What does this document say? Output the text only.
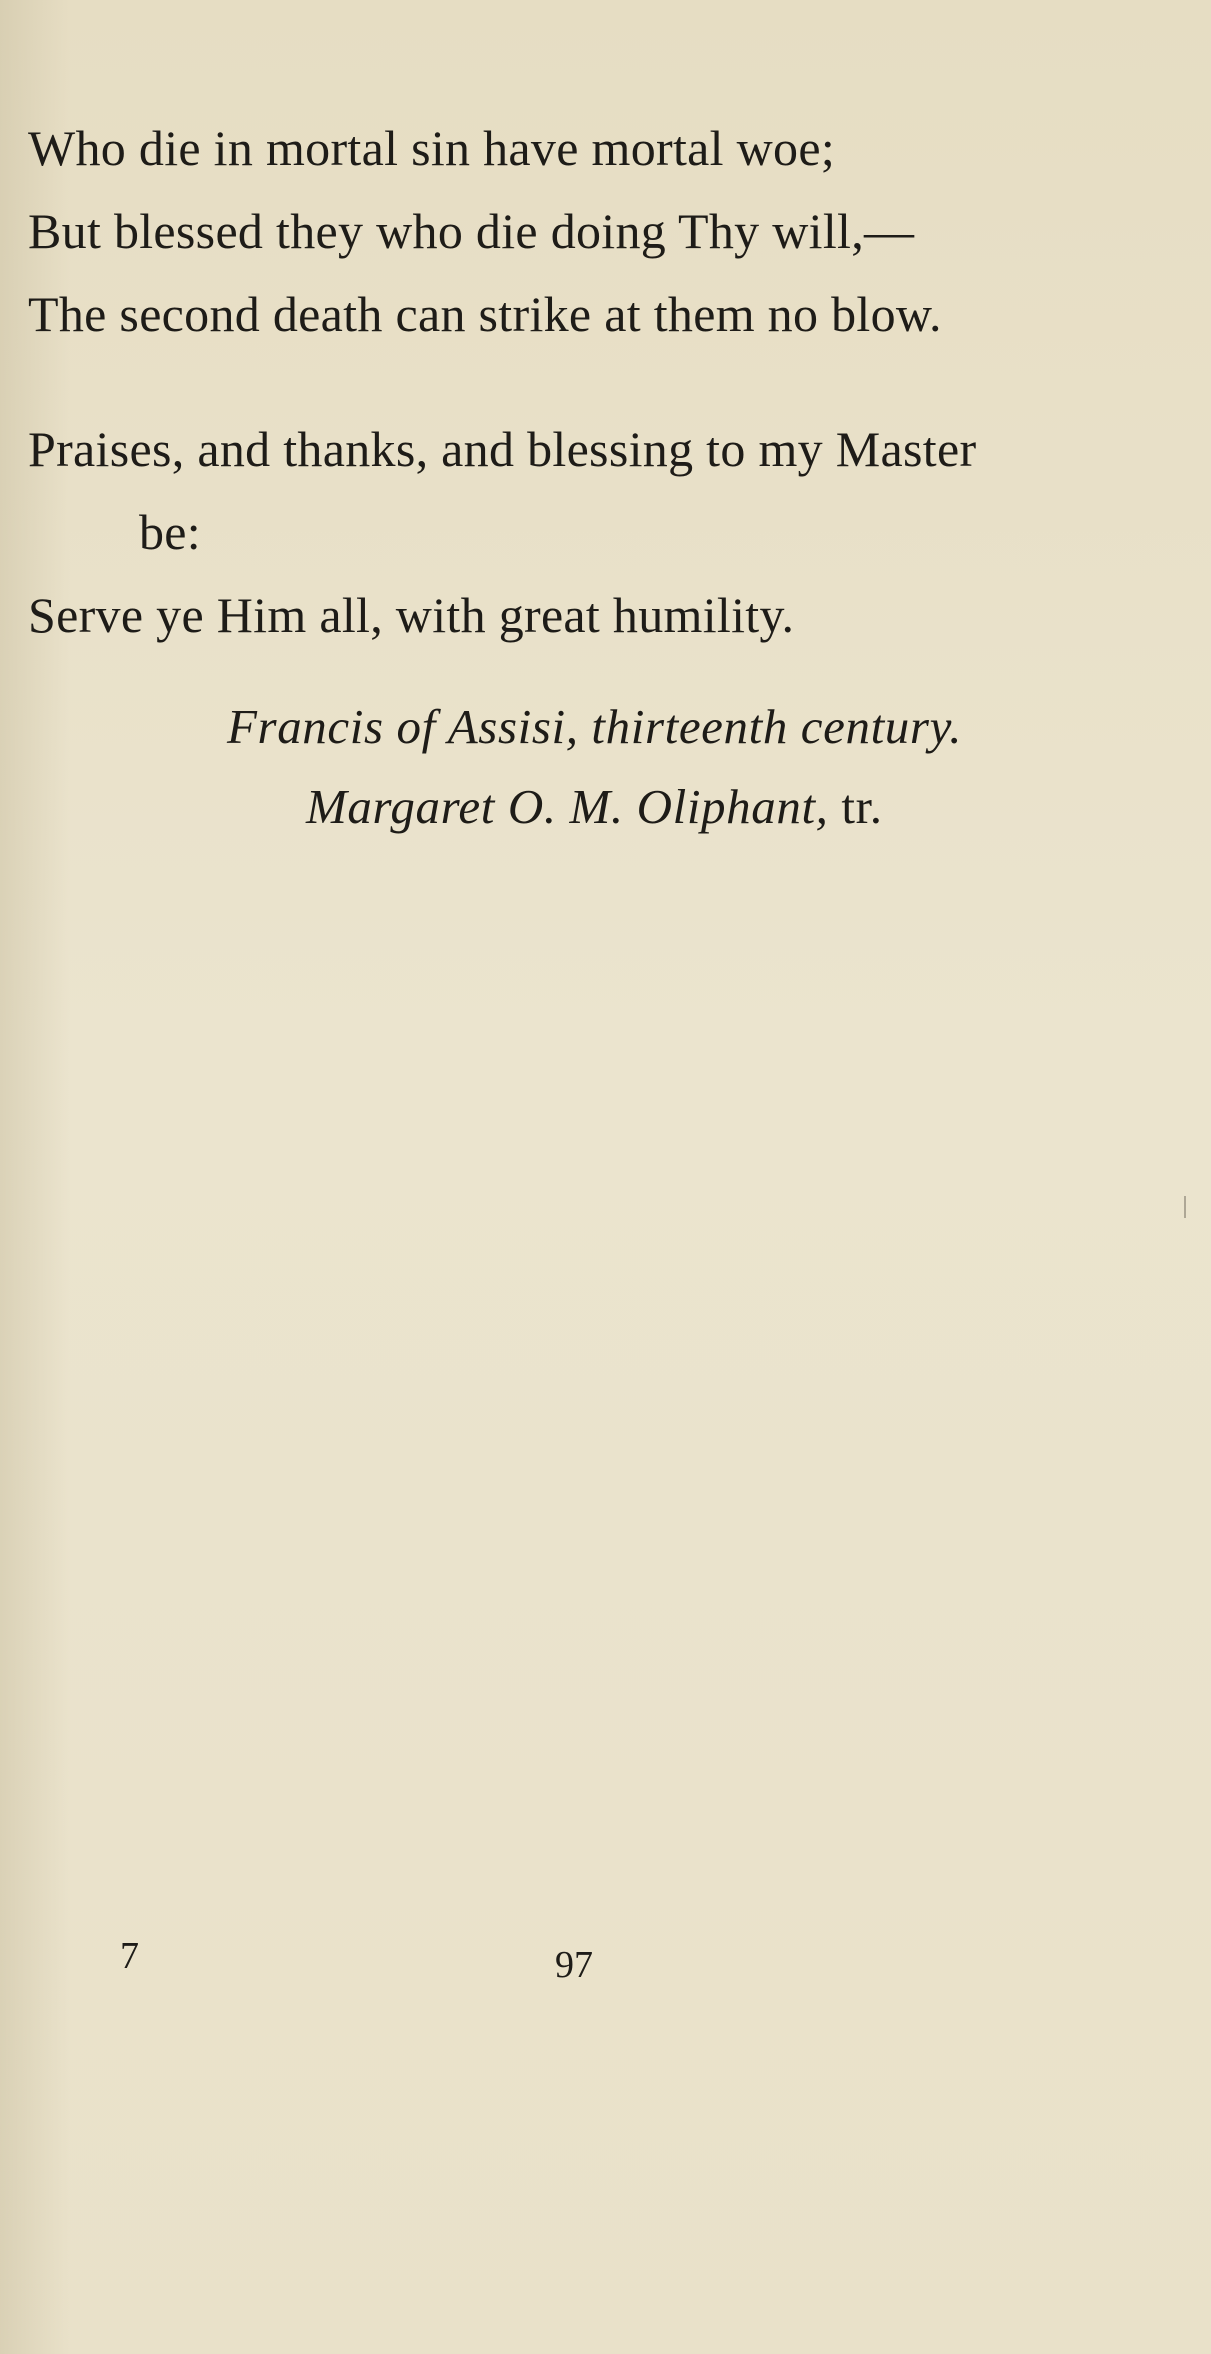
Who die in mortal sin have mortal woe;
But blessed they who die doing Thy will,—
The second death can strike at them no blow.
Praises, and thanks, and blessing to my Master
be:
Serve ye Him all, with great humility.
Francis of Assisi, thirteenth century.
Margaret O. M. Oliphant, tr.
7	97
